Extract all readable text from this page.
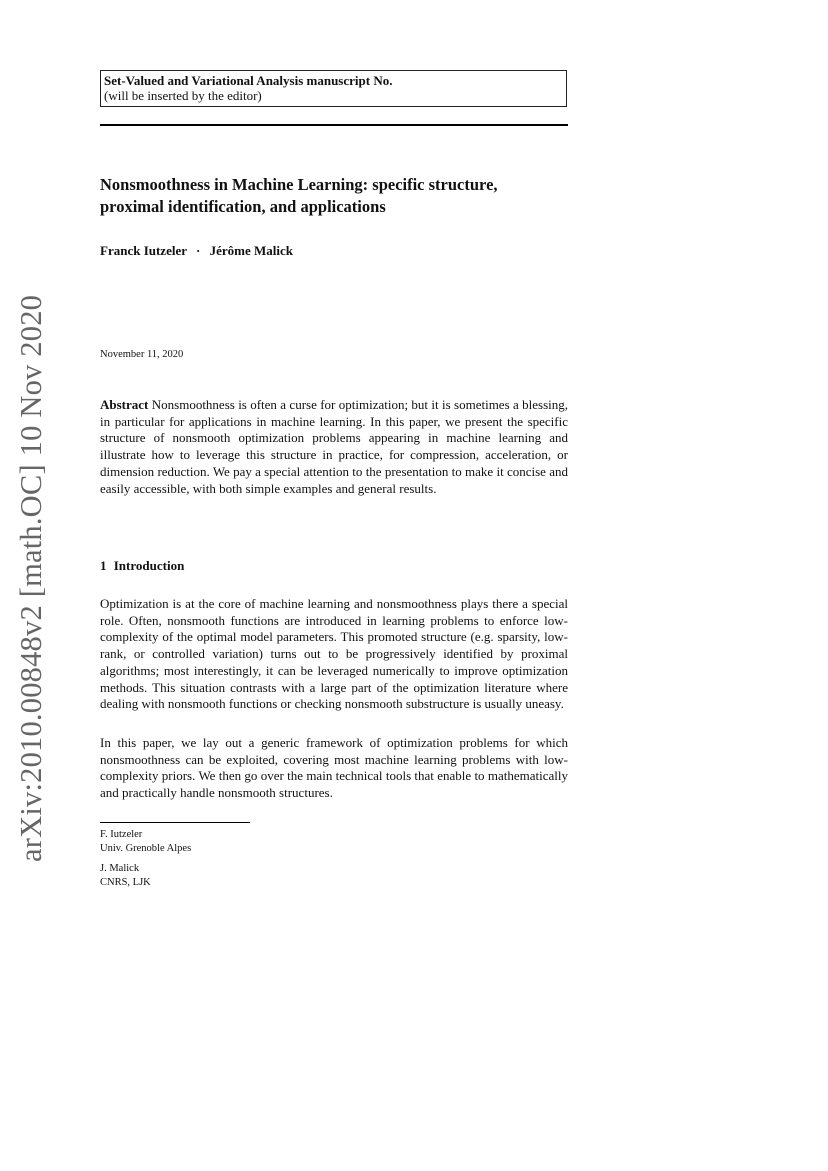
arXiv:2010.00848v2 [math.OC] 10 Nov 2020
Set-Valued and Variational Analysis manuscript No.
(will be inserted by the editor)
Nonsmoothness in Machine Learning: specific structure,
proximal identification, and applications
Franck Iutzeler · Jérôme Malick
November 11, 2020
Abstract Nonsmoothness is often a curse for optimization; but it is sometimes a blessing, in particular for applications in machine learning. In this paper, we present the specific structure of nonsmooth optimization problems appearing in machine learning and illustrate how to leverage this structure in practice, for compression, acceleration, or dimension reduction. We pay a special attention to the presentation to make it concise and easily accessible, with both simple examples and general results.
1 Introduction

Optimization is at the core of machine learning and nonsmoothness plays there a special role. Often, nonsmooth functions are introduced in learning problems to enforce low-complexity of the optimal model parameters. This promoted structure (e.g. sparsity, low-rank, or controlled variation) turns out to be progressively identified by proximal algorithms; most interestingly, it can be leveraged numerically to improve optimization methods. This situation contrasts with a large part of the optimization literature where dealing with nonsmooth functions or checking nonsmooth substructure is usually uneasy.

In this paper, we lay out a generic framework of optimization problems for which nonsmoothness can be exploited, covering most machine learning problems with low-complexity priors. We then go over the main technical tools that enable to mathematically and practically handle nonsmooth structures.

F. Iutzeler
Univ. Grenoble Alpes
J. Malick
CNRS, LJK
